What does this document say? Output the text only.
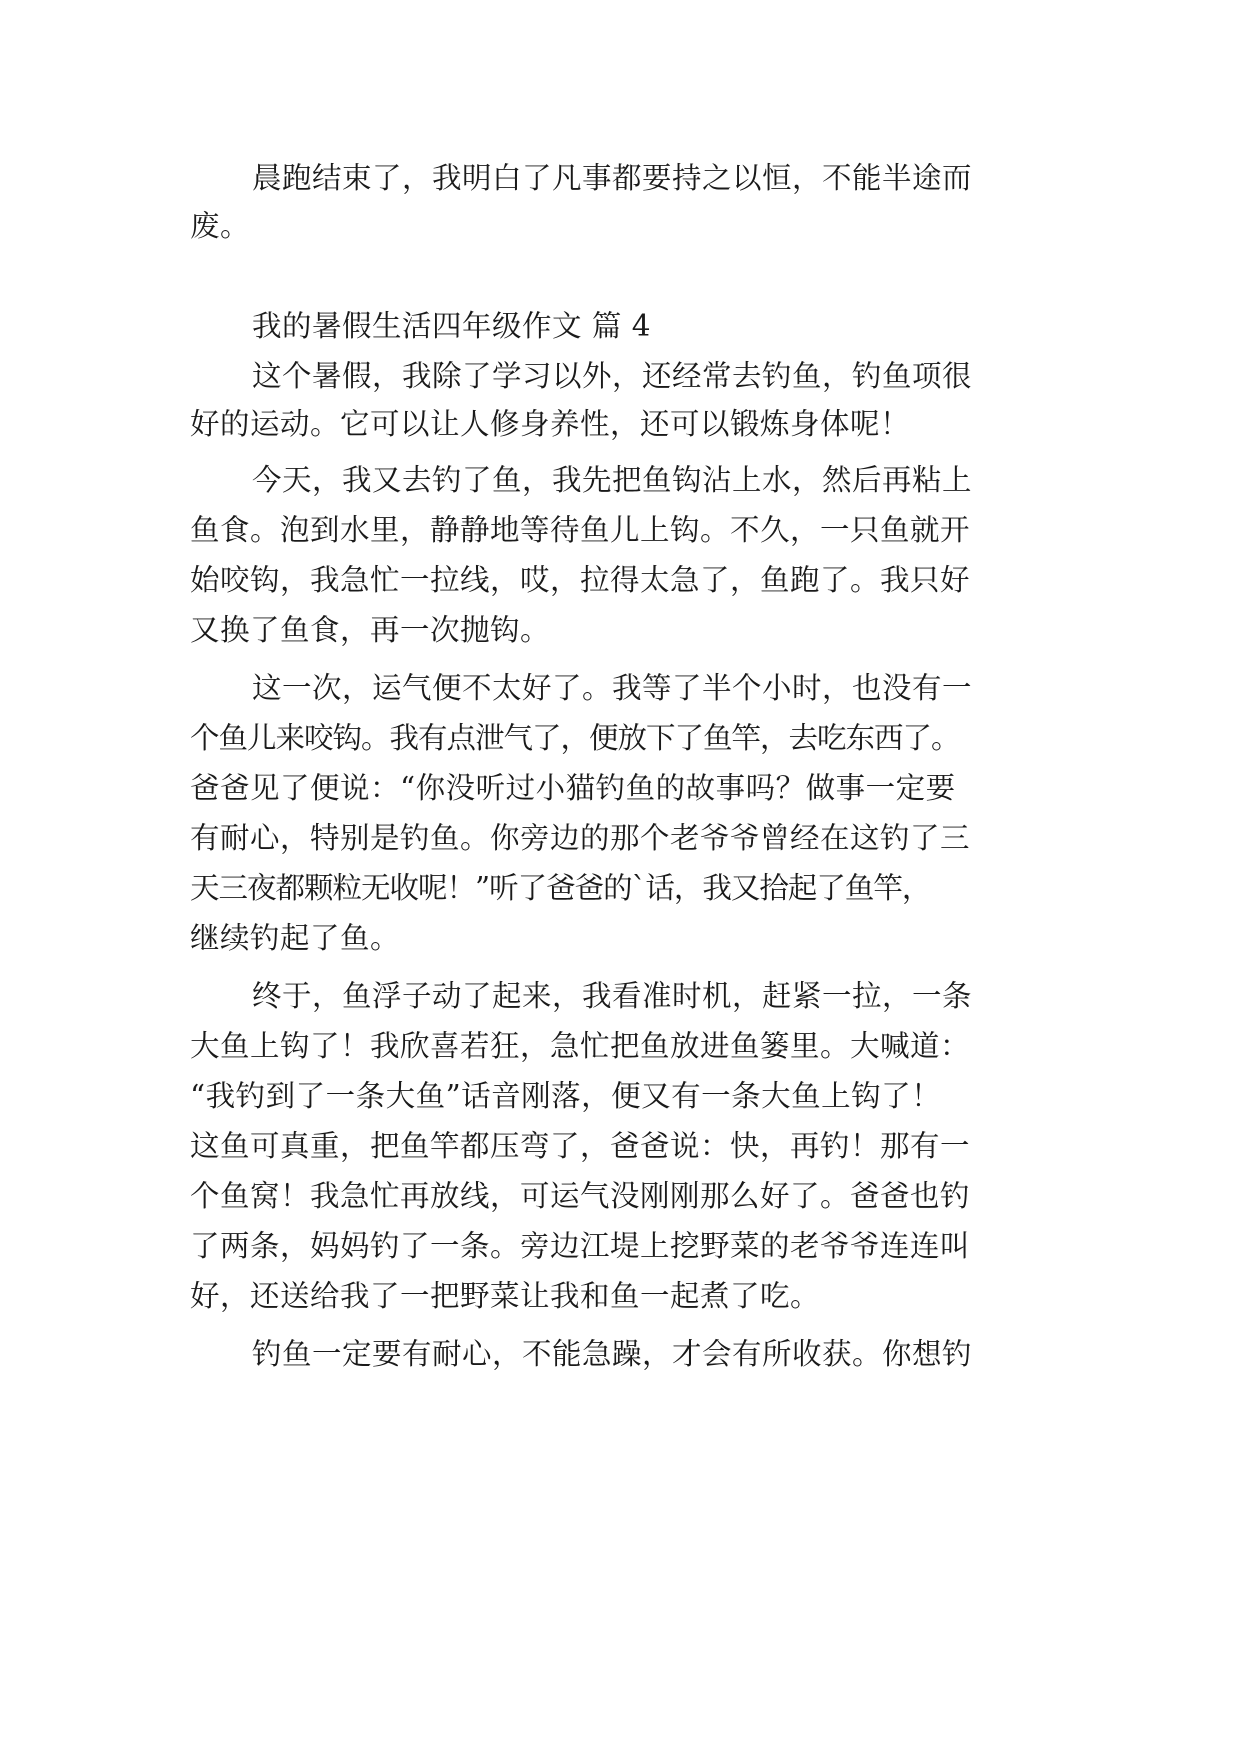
晨跑结束了，我明白了凡事都要持之以恒，不能半途而
废。
我的暑假生活四年级作文 篇 4
这个暑假，我除了学习以外，还经常去钓鱼，钓鱼项很
好的运动。它可以让人修身养性，还可以锻炼身体呢！
今天，我又去钓了鱼，我先把鱼钩沾上水，然后再粘上
鱼食。泡到水里，静静地等待鱼儿上钩。不久，一只鱼就开
始咬钩，我急忙一拉线，哎，拉得太急了，鱼跑了。我只好
又换了鱼食，再一次抛钩。
这一次，运气便不太好了。我等了半个小时，也没有一
个鱼儿来咬钩。我有点泄气了，便放下了鱼竿，去吃东西了。
爸爸见了便说：“你没听过小猫钓鱼的故事吗？做事一定要
有耐心，特别是钓鱼。你旁边的那个老爷爷曾经在这钓了三
天三夜都颗粒无收呢！”听了爸爸的`话，我又拾起了鱼竿，
继续钓起了鱼。
终于，鱼浮子动了起来，我看准时机，赶紧一拉，一条
大鱼上钩了！我欣喜若狂，急忙把鱼放进鱼篓里。大喊道：
“我钓到了一条大鱼”话音刚落，便又有一条大鱼上钩了！
这鱼可真重，把鱼竿都压弯了，爸爸说：快，再钓！那有一
个鱼窝！我急忙再放线，可运气没刚刚那么好了。爸爸也钓
了两条，妈妈钓了一条。旁边江堤上挖野菜的老爷爷连连叫
好，还送给我了一把野菜让我和鱼一起煮了吃。
钓鱼一定要有耐心，不能急躁，才会有所收获。你想钓
